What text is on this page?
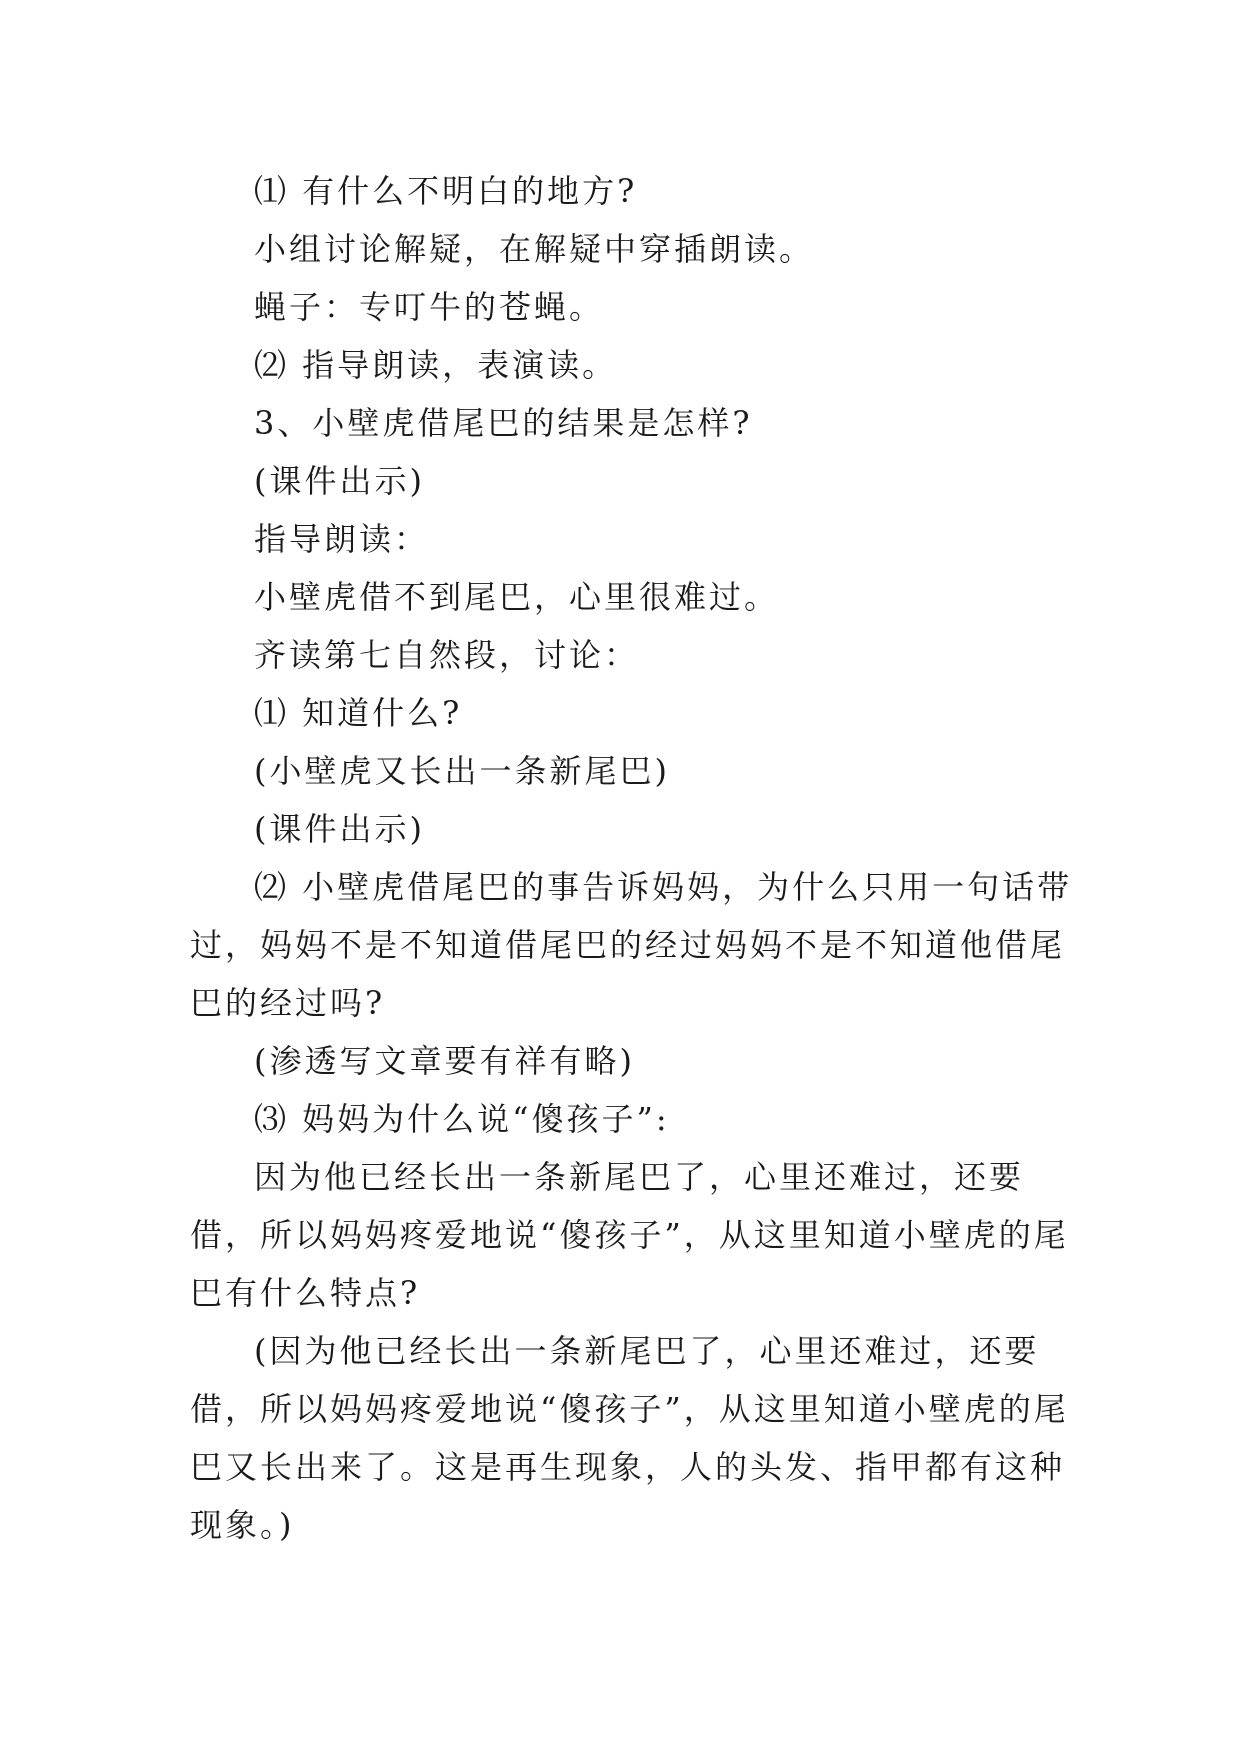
⑴ 有什么不明白的地方?

小组讨论解疑，在解疑中穿插朗读。

蝇子：专叮牛的苍蝇。

⑵ 指导朗读，表演读。

3、小壁虎借尾巴的结果是怎样?

(课件出示)

指导朗读：

小壁虎借不到尾巴，心里很难过。

齐读第七自然段，讨论：

⑴ 知道什么?

(小壁虎又长出一条新尾巴)

(课件出示)

⑵ 小壁虎借尾巴的事告诉妈妈，为什么只用一句话带过，妈妈不是不知道借尾巴的经过妈妈不是不知道他借尾巴的经过吗?

(渗透写文章要有祥有略)

⑶ 妈妈为什么说“傻孩子”:

因为他已经长出一条新尾巴了，心里还难过，还要借，所以妈妈疼爱地说“傻孩子”，从这里知道小壁虎的尾巴有什么特点?

(因为他已经长出一条新尾巴了，心里还难过，还要借，所以妈妈疼爱地说“傻孩子”，从这里知道小壁虎的尾巴又长出来了。这是再生现象，人的头发、指甲都有这种现象。)
